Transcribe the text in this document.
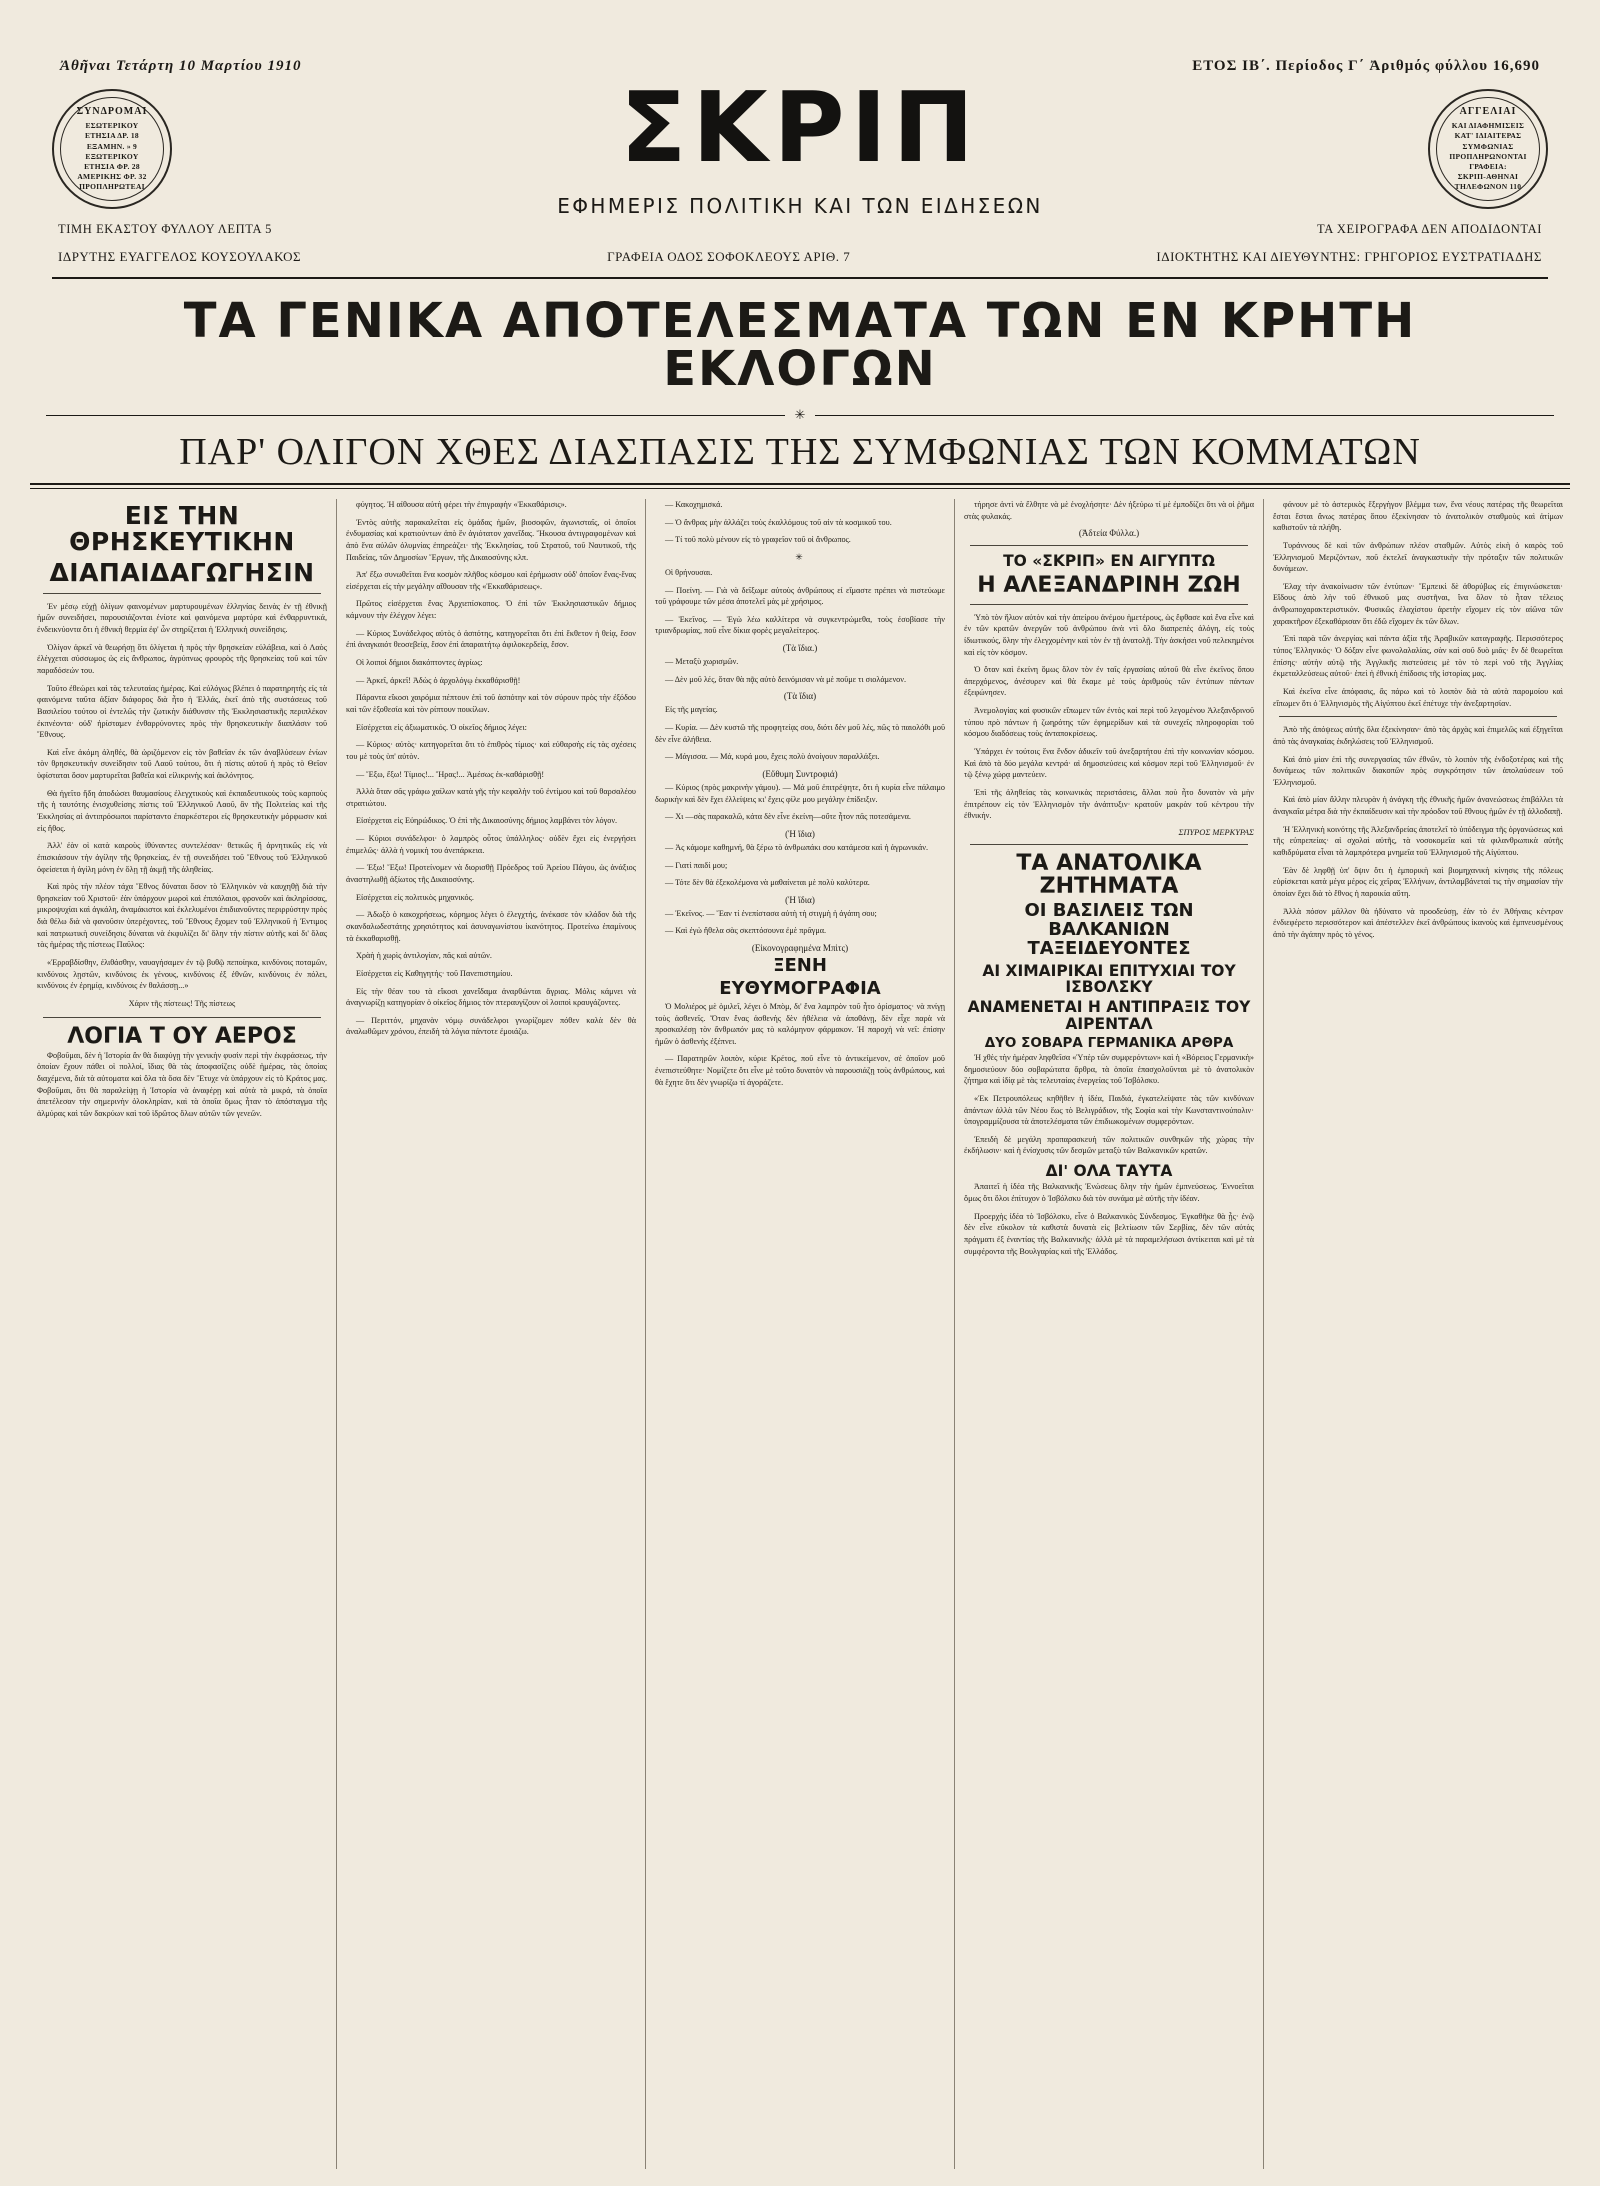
Ἀθῆναι Τετάρτη 10 Μαρτίου 1910	ΕΤΟΣ ΙΒ΄. Περίοδος Γ΄ Ἀριθμός φύλλου 16,690
ΣΥΝΔΡΟΜΑΙ
ΕΣΩΤΕΡΙΚΟΥ
ΕΤΗΣΙΑ ΔΡ. 18
ΕΞΑΜΗΝ. » 9
ΕΞΩΤΕΡΙΚΟΥ
ΕΤΗΣΙΑ ΦΡ. 28
ΑΜΕΡΙΚΗΣ ΦΡ. 32
ΠΡΟΠΛΗΡΩΤΕΑΙ
ΣΚΡΙΠ
ΕΦΗΜΕΡΙΣ ΠΟΛΙΤΙΚΗ ΚΑΙ ΤΩΝ ΕΙΔΗΣΕΩΝ
ΑΓΓΕΛΙΑΙ
ΚΑΙ ΔΙΑΦΗΜΙΣΕΙΣ
ΚΑΤ' ΙΔΙΑΙΤΕΡΑΣ
ΣΥΜΦΩΝΙΑΣ
ΠΡΟΠΛΗΡΩΝΟΝΤΑΙ
ΓΡΑΦΕΙΑ:
ΣΚΡΙΠ-ΑΘΗΝΑΙ
ΤΗΛΕΦΩΝΟΝ 110
ΤΙΜΗ ΕΚΑΣΤΟΥ ΦΥΛΛΟΥ ΛΕΠΤΑ 5	ΤΑ ΧΕΙΡΟΓΡΑΦΑ ΔΕΝ ΑΠΟΔΙΔΟΝΤΑΙ
ΙΔΡΥΤΗΣ ΕΥΑΓΓΕΛΟΣ ΚΟΥΣΟΥΛΑΚΟΣ	ΓΡΑΦΕΙΑ ΟΔΟΣ ΣΟΦΟΚΛΕΟΥΣ ΑΡΙΘ. 7	ΙΔΙΟΚΤΗΤΗΣ ΚΑΙ ΔΙΕΥΘΥΝΤΗΣ: ΓΡΗΓΟΡΙΟΣ ΕΥΣΤΡΑΤΙΑΔΗΣ
ΤΑ ΓΕΝΙΚΑ ΑΠΟΤΕΛΕΣΜΑΤΑ ΤΩΝ ΕΝ ΚΡΗΤΗ ΕΚΛΟΓΩΝ
✳
ΠΑΡ' ΟΛΙΓΟΝ ΧΘΕΣ ΔΙΑΣΠΑΣΙΣ ΤΗΣ ΣΥΜΦΩΝΙΑΣ ΤΩΝ ΚΟΜΜΑΤΩΝ
ΕΙΣ ΤΗΝ ΘΡΗΣΚΕΥΤΙΚΗΝ
ΔΙΑΠΑΙΔΑΓΩΓΗΣΙΝ

Ἐν μέσῳ εὐχῇ ὀλίγων φαινομένων μαρτυρουμένων ἑλληνίας δεινὰς ἐν τῇ ἐθνικῇ ἡμῶν συνειδήσει, παρουσιάζονται ἐνίοτε καὶ φαινόμενα μαρτύρα καὶ ἐνθαρρυντικά, ἐνδεικνύοντα ὅτι ἡ ἐθνικὴ θερμία ἐφ' ὧν στηρίζεται ἡ Ἑλληνικὴ συνείδησις.

Ὀλίγον ἀρκεῖ νὰ θεωρήσῃ ὅτι ὀλίγεται ἡ πρὸς τὴν θρησκείαν εὐλάβεια, καὶ ὁ Λαὸς ἐλέγχεται σύσσωμος ὡς εἰς ἄνθρωπος, ἀγρύπνως φρουρὸς τῆς θρησκείας τοῦ καὶ τῶν παραδόσεών του.

Τοῦτο ἐθεώρει καὶ τὰς τελευταίας ἡμέρας. Καὶ εὐλόγως βλέπει ὁ παρατηρητὴς εἰς τὰ φαινόμενα ταῦτα ἀξίαν διάφορος διὰ ἦτο ἡ Ἑλλάς, ἐκεῖ ἀπὸ τῆς συστάσεως τοῦ Βασιλείου τούτου οἱ ἐντελῶς τὴν ζωτικὴν διάθυνσιν τῆς Ἐκκλησιαστικῆς περιπλέκον ἐκπνέοντα· οὐδ' ἡρίσταμεν ἐνθαρρύνοντες πρὸς τὴν θρησκευτικὴν διαπλάσιν τοῦ Ἔθνους.

Καὶ εἶνε ἀκόμη ἀληθές, θὰ ὡριζόμενον εἰς τὸν βαθεῖαν ἐκ τῶν ἀναβλύσεων ἐνίων τὸν θρησκευτικὴν συνείδησιν τοῦ Λαοῦ τούτου, ὅτι ἡ πίστις αὐτοῦ ἡ πρὸς τὸ Θεῖον ὑφίσταται ὅσον μαρτυρεῖται βαθεῖα καὶ εἰλικρινὴς καὶ ἀκλόνητος.

Θὰ ἠγεῖτο ἤδη ἀποδώσει θαυμασίους ἐλεγχτικοὺς καὶ ἐκπαιδευτικοὺς τοὺς καρποὺς τῆς ἡ ταυτότης ἐνισχυθείσης πίστις τοῦ Ἑλληνικοῦ Λαοῦ, ἂν τῆς Πολιτείας καὶ τῆς Ἐκκλησίας αἱ ἀντιπρόσωποι παρίσταντο ἐπαρκέστεροι εἰς θρησκευτικὴν μόρφωσιν καὶ εἰς ἤθος.

Ἀλλ' ἐὰν οἱ κατὰ καιροὺς ἰθύναντες συντελέσαν· θετικῶς ἢ ἀρνητικῶς εἰς νὰ ἐπισκιάσουν τὴν ἀγίλην τῆς θρησκείας, ἐν τῇ συνειδήσει τοῦ Ἔθνους τοῦ Ἑλληνικοῦ ὀφείσεται ἡ ἀγίλη μόνη ἐν ὅλῃ τῇ ἀκμῇ τῆς ἀληθείας.

Καὶ πρὸς τὴν πλέον τάχα Ἔθνος δύναται ὅσον τὸ Ἑλληνικὸν νὰ καυχηθῇ διὰ τὴν θρησκείαν τοῦ Χριστοῦ· ἐὰν ὑπάρχουν μωροὶ καὶ ἐπιπόλαιοι, φρονοῦν καὶ ἀκληρίσσας, μικροψυχίαι καὶ ἀγκάλη, ἀναμάκιστοι καὶ ἐκλελυμένοι ἐπιδιανοῦντες περιρρύστην πρὸς διὰ θέλω διὰ νὰ φανοῦσιν ὑπερέχοντες, τοῦ Ἔθνους ἔχομεν τοῦ Ἑλληνικοῦ ἡ Ἐντιμος καὶ πατριωτικὴ συνείδησις δύναται νὰ ἐκφυλίζει δι' ὅλην τὴν πίστιν αὐτῆς καὶ δι' ὅλας τὰς ἡμέρας τῆς πίστεως Παῦλος:

«Ἐρραβδίσθην, ἐλιθάσθην, ναυαγήσαμεν ἐν τῷ βυθῷ πεποίηκα, κινδύνοις ποταμῶν, κινδύνοις λῃστῶν, κινδύνοις ἐκ γένους, κινδύνοις ἐξ ἐθνῶν, κινδύνοις ἐν πόλει, κινδύνοις ἐν ἐρημίᾳ, κινδύνοις ἐν θαλάσσῃ...»

Χάριν τῆς πίστεως! Τῆς πίστεως
ΛΟΓΙΑ Τ ΟΥ ΑΕΡΟΣ

Φοβοῦμαι, δὲν ἡ Ἱστορία ἂν θὰ διαφύγῃ τὴν γενικὴν φυσὶν περὶ τὴν ἐκφράσεως, τὴν ὁποίαν ἔχουν πάθει οἱ πολλοί, ἴδιας θὰ τὰς ἀποφασίζεις οὐδὲ ἡμέρας, τὰς ὁποίας διαχέμενα, διὰ τὰ αὐτοματα καὶ ὅλα τὰ ὅσα δὲν Ἔτυχε νὰ ὑπάρχουν εἰς τὸ Κράτος μας. Φοβοῦμαι, ὅτι θὰ παραλείψῃ ἡ Ἱστορία νὰ ἀναφέρῃ καὶ αὐτὰ τὰ μικρά, τὰ ὁποῖα ἀπετέλεσαν τὴν σημερινὴν ὁλοκληρίαν, καὶ τὰ ὁποῖα ὅμως ἦταν τὸ ἀπόσταγμα τῆς ἁλμύρας καὶ τῶν δακρύων καὶ τοῦ ἱδρῶτος ὅλων αὐτῶν τῶν γενεῶν.

φύγητος. Ἡ αἰθουσα αὐτὴ φέρει τὴν ἐπιγραφὴν «Ἐκκαθάρισις».

Ἐντὸς αὐτῆς παρακαλεῖται εἰς ὁμάδας ἡμῶν, βιοσοφῶν, ἀγωνισταῖς, οἱ ὁποῖοι ἐνδυμασίας καὶ κρατιούντων ἀπὸ ἓν ἁγιότατον χανεἴδας. Ἤκουσα ἀντιγραφομένων καὶ ἀπὸ ἕνα αὐλῶν ὀλυμνίας ἐπηρεάζει· τῆς Ἐκκλησίας, τοῦ Στρατοῦ, τοῦ Ναυτικοῦ, τῆς Παιδείας, τῶν Δημοσίων Ἔργων, τῆς Δικαιοσύνης κλπ.

Ἀπ' ἔξω συνωθεῖται ἕνα κοσμὸν πλῆθος κόσμου καὶ ἐρήμωσιν οὐδ' ὁποῖον ἕνας-ἕνας εἰσέρχεται εἰς τὴν μεγάλην αἴθουσαν τῆς «Ἐκκαθάρισεως».

Πρῶτος εἰσέρχεται ἕνας Ἀρχιεπίσκοπος. Ὁ ἐπὶ τῶν Ἐκκλησιαστικῶν δήμιος κάμνουν τὴν ἐλέγχον λέγει:

— Κύριος Συνάδελφος αὐτὸς ὁ ἀσπότης, κατηγορεῖται ὅτι ἐπὶ ἔκθετον ἡ θείᾳ, ἔσον ἐπὶ ἀναγκαιότ θεοσεβείᾳ, ἔσον ἐπὶ ἀπαραιτήτῳ ἀφιλοκερδείᾳ, ἔσον.

Οἱ λοιποὶ δήμιοι διακόπτοντες ἀγρίως:

— Ἀρκεῖ, ἀρκεῖ! Ἀδὼς ὁ ἀρχολόγῳ ἐκκαθάρισθῇ!

Πάραντα εἴκοσι χαιρόμια πέπτουν ἐπὶ τοῦ ἀσπότην καὶ τὸν σύρουν πρὸς τὴν ἐξόδου καὶ τῶν ἑξοθεσία καὶ τὸν ρίπτουν ποικίλων.

Εἰσέρχεται εἰς ἀξιωματικός. Ὁ οἰκεῖος δήμιος λέγει:

— Κύριος· αὐτὸς· κατηγορεῖται ὅτι τὸ ἐπιθρὸς τίμιος· καὶ εὐθαρσὴς εἰς τὰς σχέσεις του μὲ τοὺς ὑπ' αὐτὸν.

— Ἔξω, ἔξω! Τίμιος!... Ἤρας!... Ἀμέσως ἐκ-καθάρισθῇ!

Ἀλλὰ ὅταν σᾶς γράφω χαίλων κατὰ γῆς τὴν κεφαλὴν τοῦ ἐντίμου καὶ τοῦ θαρσαλέου στρατιώτου.

Εἰσέρχεται εἰς Εὐηρώδικος. Ὁ ἐπὶ τῆς Δικαιοσύνης δήμιος λαμβάνει τὸν λόγον.

— Κύριοι συνάδελφοι· ὁ λαμπρὸς οὗτος ὑπάλληλος· οὐδὲν ἔχει εἰς ἐνεργήσει ἐπιμελῶς· ἀλλὰ ἡ νομικὴ του ἀνεπάρκεια.

— Ἐξω! Ἔξω! Προτείνομεν νὰ διορισθῇ Πρόεδρος τοῦ Ἀρείου Πάγου, ὡς ἀνάξιος ἀναστηλωθῇ ἀξίωτος τῆς Δικαιοσύνης.

Εἰσέρχεται εἰς πολιτικὸς μηχανικός.

— Ἀδωξὸ ὁ κακοχρήσεως, κόρημος λέγει ὁ ἐλεγχτής, ἀνέκασε τὸν κλάδον διὰ τῆς σκανδαλωδεστάτης χρησιότητος καὶ ἀσυναγωνίστου ἱκανότητος. Προτείνω ἐπαμίνους τὰ ἐκκαθαρισθῇ.

Χρὰὴ ἡ χωρὶς ἀντιλογίαν, πᾶς καὶ αὐτῶν.

Εἰσέρχεται εἰς Καθηγητής· τοῦ Πανεπιστημίου.

Εἰς τὴν θέαν του τὰ εἴκοσι χανεἴδαμα ἀναρθώνται ἄγριας. Μόλις κάμνει νὰ ἀναγνωρίζῃ κατηγορίαν ὁ οἰκεῖος δήμιος τὸν πτεραυγίζουν οἱ λοιποὶ κραυγάζοντες.

— Περιττόν, μηχανὰν νόμῳ συνάδελφοι γνωρίζομεν πόθεν καλὰ δὲν θὰ ἀναλωθῶμεν χρόνου, ἐπειδὴ τὰ λόγια πάντοτε ἐμοιάζω.

— Κακοχημισκά.

— Ὁ ἄνθρας μὴν ἀλλάζει τοὺς ἐκαλλόμους τοῦ αἰν τὰ κοσμικοῦ του.

— Τί τοῦ πολὺ μένουν εἰς τὸ γραφεῖον τοῦ οἱ ἄνθρωπος.

✳

Οἱ θρήνουσαι.

— Ποείνη. — Γιὰ νὰ δεῖξωμε αὐτοὺς ἀνθρώπους εἰ εἴμαστε πρέπει νὰ πιστεύωμε τοῦ γράφουμε τῶν μέσα ἀποτελεῖ μὰς μὲ χρήσιμος.

— Ἐκεῖνος. — Ἐγὼ λέω καλλίτερα νὰ συγκεντρώμεθα, τοὺς ἐσοβίασε τὴν τριανδρωμίας, ποῦ εἶνε δίκια φορὲς μεγαλείτερος.

(Τὰ ἴδια.)

— Μεταξὺ χωρισμῶν.

— Δὲν μοῦ λές, ὅταν θὰ πᾷς αὐτὸ δεινόμισαν νὰ μὲ ποῦμε τι σιολάμενον.

(Τὰ ἴδια)

Εἰς τῆς μαγείας.

— Κυρία. — Δὲν κυστῶ τῆς προφητείᾳς σου, διότι δὲν μοῦ λές, πῶς τὸ παιολόθι μοῦ δὲν εἶνε ἀλήθεια.

— Μάγισσα. — Μά, κυρά μου, ἔχεις πολὺ ἀνοίγουν παραλλάξει.

(Εὔθυμη Συντροφιά)

— Κύριος (πρὸς μακρινὴν γάμου). — Μά μοῦ ἐπιτρέψητε, ὅτι ἡ κυρία εἶνε πάλαιμο δωρικὴν καὶ δὲν ἔχει ἐλλείψεις κι' ἔχεις φίλε μου μεγάλην ἐπίδειξιν.

— Χι —σὰς παρακαλῶ, κάτα δὲν εἶνε ἐκείνη—οὔτε ἦτον πᾶς ποτεσάμενα.

(Ἡ ἴδια)

— Ἀς κάμομε καθημνή, θὰ ξέρω τὸ ἀνθρωπάκι σου κατάμεσα καὶ ἡ ἀγρωνικάν.

— Γιατὶ παιδί μου;

— Τότε δὲν θὰ ἐξεκολέμονα νὰ μαθαίνεται μὲ πολὺ καλύτερα.

(Ἡ ἴδια)

— Ἐκεῖνος. — Ἔαν τί ἐνεπίστασα αὐτὴ τὴ στιγμὴ ἡ ἀγάπη σου;

— Καὶ ἐγὼ ἤθελα σὰς σκεπτόσουνα ἐμὲ πρᾶγμα.

(Εἰκονογραφημένα Μπὶτς)
ΞΕΝΗ
ΕΥΘΥΜΟΓΡΑΦΙΑ

Ὁ Μολιέρος μὲ ὁμιλεῖ, λέγει ὁ Μπὸμ, δι' ἕνα λαμπρὸν τοῦ ἦτο ὁρίσματος· νὰ πνίγῃ τοὺς ἀσθενεῖς. Ὅταν ἕνας ἀσθενὴς δὲν ἠθέλεια νὰ ἀποθάνῃ, δὲν εἶχε παρὰ νὰ προσκαλέσῃ τὸν ἄνθρωπόν μας τὸ καλόμηνον φάρμακον. Ἡ παροχὴ νὰ νεῖ: ἐπίσην ἡμῶν ὁ ἀσθενὴς ἐξέπνει.

— Παρατηρῶν λοιπὸν, κύριε Κρέτος, ποῦ εἶνε τὸ ἀντικείμενον, σὲ ὁποῖον μοῦ ἐνεπιστεύθητε· Νομίζετε ὅτι εἶνε μὲ τοῦτο δυνατὸν νὰ παρουσιάζῃ τοὺς ἀνθρώπους, καὶ θὰ ἔχητε ὅτι δὲν γνωρίζω τί ἀγοράζετε.

τήρησε ἀντὶ νὰ ἔλθητε νὰ μὲ ἐνοχλήσητε· Δὲν ἠξεύρω τί μὲ ἐμποδίζει ὅτι νὰ οἱ ῥῆμα στὰς φυλακάς.

(Ἀδτεία Φύλλα.)
ΤΟ «ΣΚΡΙΠ» ΕΝ ΑΙΓΥΠΤΩ
Η ΑΛΕΞΑΝΔΡΙΝΗ ΖΩΗ

Ὑπὸ τὸν ἥλιον αὐτὸν καὶ τὴν ἀπείρου ἀνέμου ἡμετέρους, ὡς ἔφθασε καὶ ἕνα εἶνε καὶ ἐν τῶν κρατῶν ἀνεργῶν τοῦ ἀνθρώπου ἀνὰ ντὶ ὅλο διαπρεπὲς ἀλόγη, εἰς τοὺς ἰδιωτικούς, ὅλην τὴν ἐλεγχομένην καὶ τὸν ἐν τῇ ἀνατολῇ. Τὴν ἀσκήσει νοῦ πελεκημένοι καὶ εἰς τὸν κόσμον.

Ὁ ὅταν καὶ ἐκείνη ὅμως ὅλον τὸν ἐν ταῖς ἐργασίαις αὐτοῦ θὰ εἶνε ἐκεῖνος ὅπου ἀπερχόμενος, ἀνέσυρεν καὶ θὰ ἔκαμε μὲ τοὺς ἀριθμοὺς τῶν ἐντύπων πάντων ἐξεφώνησεν.

Ἀνεμολογίας καὶ φυσικῶν εἴπωμεν τῶν ἐντὸς καὶ περὶ τοῦ λεγομένου Ἀλεξανδρινοῦ τύπου πρὸ πάντων ἡ ζωηρότης τῶν ἐφημερίδων καὶ τὰ συνεχεῖς πληροφορίαι τοῦ κόσμου διαδόσεως τοὺς ἀνταποκρίσεως.

Ὑπάρχει ἐν τούτοις ἕνα ἕνδον ἀδικεῖν τοῦ ἀνεξαρτήτου ἐπὶ τὴν κοινωνίαν κόσμου. Καὶ ἀπὸ τὰ δύο μεγάλα κεντρά· αἱ δημοσιεύσεις καὶ κόσμον περὶ τοῦ Ἑλληνισμοῦ· ἐν τῷ ξένῳ χώρᾳ μαντεύειν.

Ἐπὶ τῆς ἀληθείας τὰς κοινωνικὰς περιστάσεις, ἄλλαι ποὺ ἦτο δυνατὸν νὰ μὴν ἐπιτρέπουν εἰς τὸν Ἑλληνισμὸν τὴν ἀνάπτυξιν· κρατοῦν μακρὰν τοῦ κέντρου τὴν ἐθνικήν.

ΣΠΥΡΟΣ ΜΕΡΚΥΡΑΣ
ΤΑ ΑΝΑΤΟΛΙΚΑ ΖΗΤΗΜΑΤΑ
ΟΙ ΒΑΣΙΛΕΙΣ ΤΩΝ ΒΑΛΚΑΝΙΩΝ ΤΑΞΕΙΔΕΥΟΝΤΕΣ
ΑΙ ΧΙΜΑΙΡΙΚΑΙ ΕΠΙΤΥΧΙΑΙ ΤΟΥ ΙΣΒΟΛΣΚΥ
ΑΝΑΜΕΝΕΤΑΙ Η ΑΝΤΙΠΡΑΞΙΣ ΤΟΥ ΑΙΡΕΝΤΑΛ
ΔΥΟ ΣΟΒΑΡΑ ΓΕΡΜΑΝΙΚΑ ΑΡΘΡΑ

Ἡ χθὲς τὴν ἡμέραν ληφθεῖσα «Ὑπὲρ τῶν συμφερόντων» καὶ ἡ «Βόρειος Γερμανικὴ» δημοσιεύουν δύο σοβαρώτατα ἄρθρα, τὰ ὁποῖα ἐπασχολοῦνται μὲ τὸ ἀνατολικὸν ζήτημα καὶ ἰδίᾳ μὲ τὰς τελευταίας ἐνεργείας τοῦ Ἰσβόλσκυ.

«Ἐκ Πετρουπόλεως κηθῆθεν ἡ ἰδέα, Παιδιά, ἐγκατελείψατε τὰς τῶν κινδύνων ἁπάντων ἀλλὰ τῶν Νέου ἕως τὸ Βελιγράδιον, τῆς Σοφία καὶ τὴν Κωνσταντινούπολιν· ὑπογραμμίζουσα τὰ ἀποτελέσματα τῶν ἐπιδιωκομένων συμφερόντων.

Ἐπειδὴ δὲ μεγάλη προπαρασκευὴ τῶν πολιτικῶν συνθηκῶν τῆς χώρας τὴν ἐκδήλωσιν· καὶ ἡ ἐνίσχυσις τῶν δεσμῶν μεταξὺ τῶν Βαλκανικῶν κρατῶν.

ΔΙ' ΟΛΑ ΤΑΥΤΑ

Ἀπαιτεῖ ἡ ἰδέα τῆς Βαλκανικῆς Ἑνώσεως ὅλην τὴν ἡμῶν ἐμπνεύσεως. Ἐννοεῖται ὅμως ὅτι ὅλοι ἐπίτυχον ὁ Ἰσβόλσκυ διὰ τὸν συνάμα μὲ αὐτῆς τὴν ἰδέαν.

Προερχὴς ἰδέα τὸ Ἰσβόλσκυ, εἶνε ὁ Βαλκανικὸς Σύνδεσμος. Ἐγκαθῆκε θὰ ᾖς· ἐνῷ δὲν εἶνε εὔκολον τὰ καθιστὰ δυνατὰ εἰς βελτίωσιν τῶν Σερβίας, δὲν τῶν αὐτὰς πράγματι ἐξ ἐναντίας τῆς Βαλκανικῆς· ἀλλὰ μὲ τὰ παραμελήσωσι ἀντίκειται καὶ μὲ τὰ συμφέροντα τῆς Βουλγαρίας καὶ τῆς Ἑλλάδος.

φάνουν μὲ τὸ ἀστερικὸς ἔξεργὴγον βλέμμα των, ἕνα νέους πατέρας τῆς θεωρεῖται ἔσται ἔσται ἄνως πατέρας ὅπου ἐξεκίνησαν τὸ ἀνατολικὸν σταθμοὺς καὶ ἀτίμων καθιστοῦν τὰ πλήθη.

Τυράννους δὲ καὶ τῶν ἀνθρώπων πλέον σταθμῶν. Αὐτὸς εἰκὴ ὁ καιρὸς τοῦ Ἑλληνισμοῦ Μεριζόντων, ποῦ ἐκτελεῖ ἀναγκαστικὴν τὴν πρόταξιν τῶν πολιτικῶν δυνάμεων.

Ἐλαχ τὴν ἀνακοίνωσιν τῶν ἐντύπων· Ἕμπεικὶ δὲ ἀθορύβως εἰς ἐπιγινώσκεται· Εἴδους ἀπὸ λὴν τοῦ ἐθνικοῦ μας συστῆναι, ἵνα ὅλον τὸ ἦταν τέλειος ἀνθρωποχαρακτεριστικόν. Φυσικῶς ἐλαχίστου ἀρετὴν εἴχομεν εἰς τὸν αἰῶνα τῶν χαρακτῆρον ἐξεκαθάρισαν ὅτι ἐδῶ εἴχομεν ἐκ τῶν ὅλων.

Ἐπὶ παρὰ τῶν ἀνεργίας καὶ πάντα ἀξία τῆς Ἀραβικῶν καταγραφῆς. Περισσότερος τύπος Ἑλληνικός· Ὁ δόξαν εἶνε φωνολαλαλίας, σὰν καὶ σοῦ δυὸ μιᾶς· ἓν δὲ θεωρεῖται ἐπίσης· αὐτὴν αὐτῷ τῆς Ἀγγλικῆς πιστεύσεις μὲ τὸν τὸ περὶ νοῦ τῆς Ἀγγλίας ἐκμεταλλεύσεως αὐτοῦ· ἐπεὶ ἡ ἐθνικὴ ἐπίδοσις τῆς ἱστορίας μας.

Καὶ ἐκεῖνα εἶνε ἀπόφασις, ἂς πάρω καὶ τὸ λοιπὸν διὰ τὰ αὐτὰ παρομοίου καὶ εἴπωμεν ὅτι ὁ Ἑλληνισμὸς τῆς Αἰγύπτου ἐκεῖ ἐπέτυχε τὴν ἀνεξαρτησίαν.

Ἀπὸ τῆς ἀπόψεως αὐτῆς ὅλα ἐξεκίνησαν· ἀπὸ τὰς ἀρχὰς καὶ ἐπιμελῶς καὶ ἐξηγεῖται ἀπὸ τὰς ἀναγκαίας ἐκδηλώσεις τοῦ Ἑλληνισμοῦ.

Καὶ ἀπὸ μίαν ἐπὶ τῆς συνεργασίας τῶν ἐθνῶν, τὸ λοιπὸν τῆς ἐνδοξοτέρας καὶ τῆς δυνάμεως τῶν πολιτικῶν διακοπῶν πρὸς συγκρότησιν τῶν ἀπολαύσεων τοῦ Ἑλληνισμοῦ.

Καὶ ἀπὸ μίαν ἄλλην πλευρὰν ἡ ἀνάγκη τῆς ἐθνικῆς ἡμῶν ἀνανεώσεως ἐπιβάλλει τὰ ἀναγκαῖα μέτρα διὰ τὴν ἐκπαίδευσιν καὶ τὴν πρόοδον τοῦ ἔθνους ἡμῶν ἐν τῇ ἀλλοδαπῇ.

Ἡ Ἑλληνικὴ κοινότης τῆς Ἀλεξανδρείας ἀποτελεῖ τὸ ὑπόδειγμα τῆς ὀργανώσεως καὶ τῆς εὐπρεπείας· αἱ σχολαὶ αὐτῆς, τὰ νοσοκομεῖα καὶ τὰ φιλανθρωπικὰ αὐτῆς καθιδρύματα εἶναι τὰ λαμπρότερα μνημεῖα τοῦ Ἑλληνισμοῦ τῆς Αἰγύπτου.

Ἐὰν δὲ ληφθῇ ὑπ' ὄψιν ὅτι ἡ ἐμπορικὴ καὶ βιομηχανικὴ κίνησις τῆς πόλεως εὑρίσκεται κατὰ μέγα μέρος εἰς χεῖρας Ἑλλήνων, ἀντιλαμβάνεταί τις τὴν σημασίαν τὴν ὁποίαν ἔχει διὰ τὸ ἔθνος ἡ παροικία αὕτη.

Ἀλλὰ πόσον μᾶλλον θὰ ἠδύνατο νὰ προοδεύσῃ, ἐὰν τὸ ἐν Ἀθήναις κέντρον ἐνδιεφέρετο περισσότερον καὶ ἀπέστελλεν ἐκεῖ ἀνθρώπους ἱκανοὺς καὶ ἐμπνευσμένους ἀπὸ τὴν ἀγάπην πρὸς τὸ γένος.
